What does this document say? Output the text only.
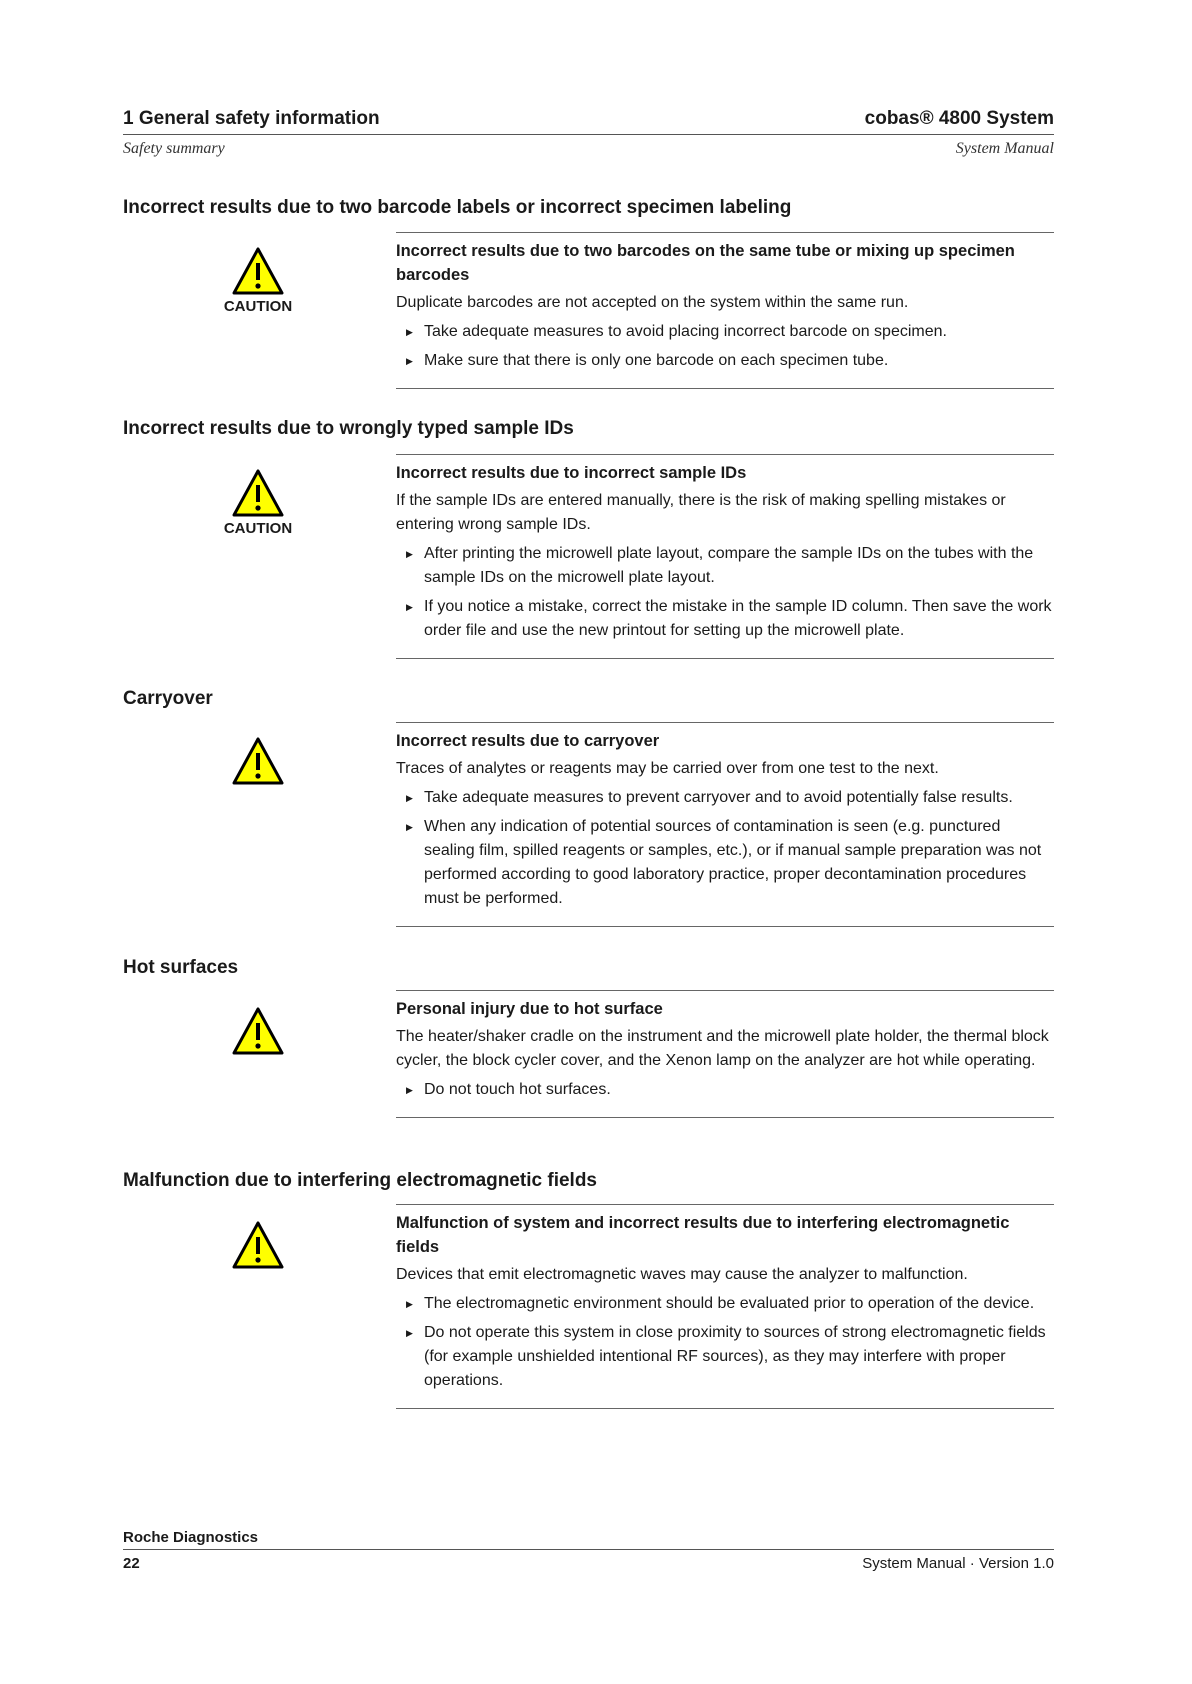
1 General safety information	cobas® 4800 System
Safety summary	System Manual
Incorrect results due to two barcode labels or incorrect specimen labeling
CAUTION
Incorrect results due to two barcodes on the same tube or mixing up specimen barcodes
Duplicate barcodes are not accepted on the system within the same run.
▶ Take adequate measures to avoid placing incorrect barcode on specimen.
▶ Make sure that there is only one barcode on each specimen tube.
Incorrect results due to wrongly typed sample IDs
CAUTION
Incorrect results due to incorrect sample IDs
If the sample IDs are entered manually, there is the risk of making spelling mistakes or entering wrong sample IDs.
▶ After printing the microwell plate layout, compare the sample IDs on the tubes with the sample IDs on the microwell plate layout.
▶ If you notice a mistake, correct the mistake in the sample ID column. Then save the work order file and use the new printout for setting up the microwell plate.
Carryover
Incorrect results due to carryover
Traces of analytes or reagents may be carried over from one test to the next.
▶ Take adequate measures to prevent carryover and to avoid potentially false results.
▶ When any indication of potential sources of contamination is seen (e.g. punctured sealing film, spilled reagents or samples, etc.), or if manual sample preparation was not performed according to good laboratory practice, proper decontamination procedures must be performed.
Hot surfaces
Personal injury due to hot surface
The heater/shaker cradle on the instrument and the microwell plate holder, the thermal block cycler, the block cycler cover, and the Xenon lamp on the analyzer are hot while operating.
▶ Do not touch hot surfaces.
Malfunction due to interfering electromagnetic fields
Malfunction of system and incorrect results due to interfering electromagnetic fields
Devices that emit electromagnetic waves may cause the analyzer to malfunction.
▶ The electromagnetic environment should be evaluated prior to operation of the device.
▶ Do not operate this system in close proximity to sources of strong electromagnetic fields (for example unshielded intentional RF sources), as they may interfere with proper operations.
Roche Diagnostics
22	System Manual · Version 1.0
